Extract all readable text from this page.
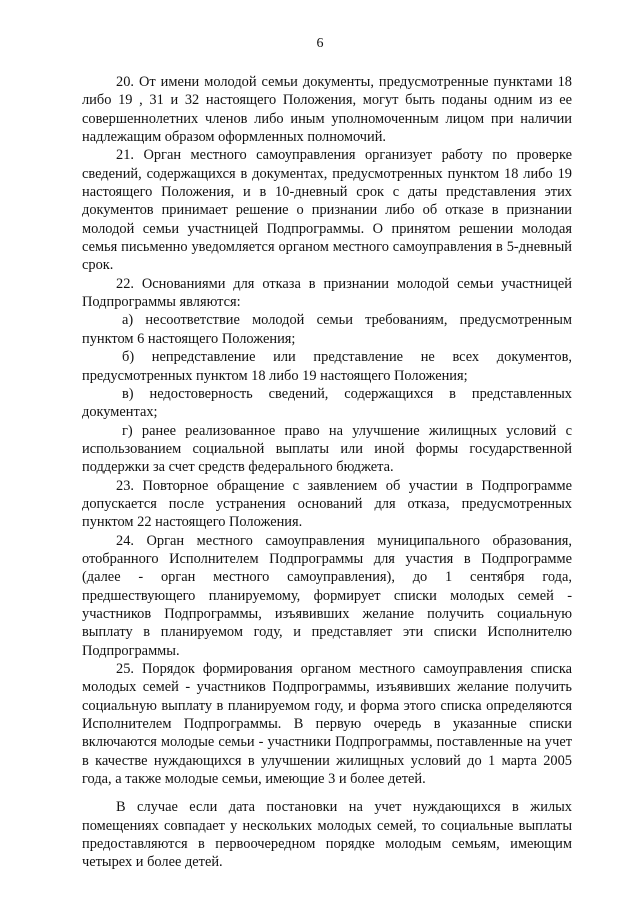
6

20. От имени молодой семьи документы, предусмотренные пунктами 18 либо 19 , 31 и 32 настоящего Положения, могут быть поданы одним из ее совершеннолетних членов либо иным уполномоченным лицом при наличии надлежащим образом оформленных полномочий.

21. Орган местного самоуправления организует работу по проверке сведений, содержащихся в документах, предусмотренных пунктом 18 либо 19 настоящего Положения, и в 10-дневный срок с даты представления этих документов принимает решение о признании либо об отказе в признании молодой семьи участницей Подпрограммы. О принятом решении молодая семья письменно уведомляется органом местного самоуправления в 5-дневный срок.

22. Основаниями для отказа в признании молодой семьи участницей Подпрограммы являются:

а) несоответствие молодой семьи требованиям, предусмотренным пунктом 6 настоящего Положения;

б) непредставление или представление не всех документов, предусмотренных пунктом 18 либо 19 настоящего Положения;

в) недостоверность сведений, содержащихся в представленных документах;

г) ранее реализованное право на улучшение жилищных условий с использованием социальной выплаты или иной формы государственной поддержки за счет средств федерального бюджета.

23. Повторное обращение с заявлением об участии в Подпрограмме допускается после устранения оснований для отказа, предусмотренных пунктом 22 настоящего Положения.

24. Орган местного самоуправления муниципального образования, отобранного Исполнителем Подпрограммы для участия в Подпрограмме (далее - орган местного самоуправления), до 1 сентября года, предшествующего планируемому, формирует списки молодых семей - участников Подпрограммы, изъявивших желание получить социальную выплату в планируемом году, и представляет эти списки Исполнителю Подпрограммы.

25. Порядок формирования органом местного самоуправления списка молодых семей - участников Подпрограммы, изъявивших желание получить социальную выплату в планируемом году, и форма этого списка определяются Исполнителем Подпрограммы. В первую очередь в указанные списки включаются молодые семьи - участники Подпрограммы, поставленные на учет в качестве нуждающихся в улучшении жилищных условий до 1 марта 2005 года, а также молодые семьи, имеющие 3 и более детей.

В случае если дата постановки на учет нуждающихся в жилых помещениях совпадает у нескольких молодых семей, то социальные выплаты предоставляются в первоочередном порядке молодым семьям, имеющим четырех и более детей.
